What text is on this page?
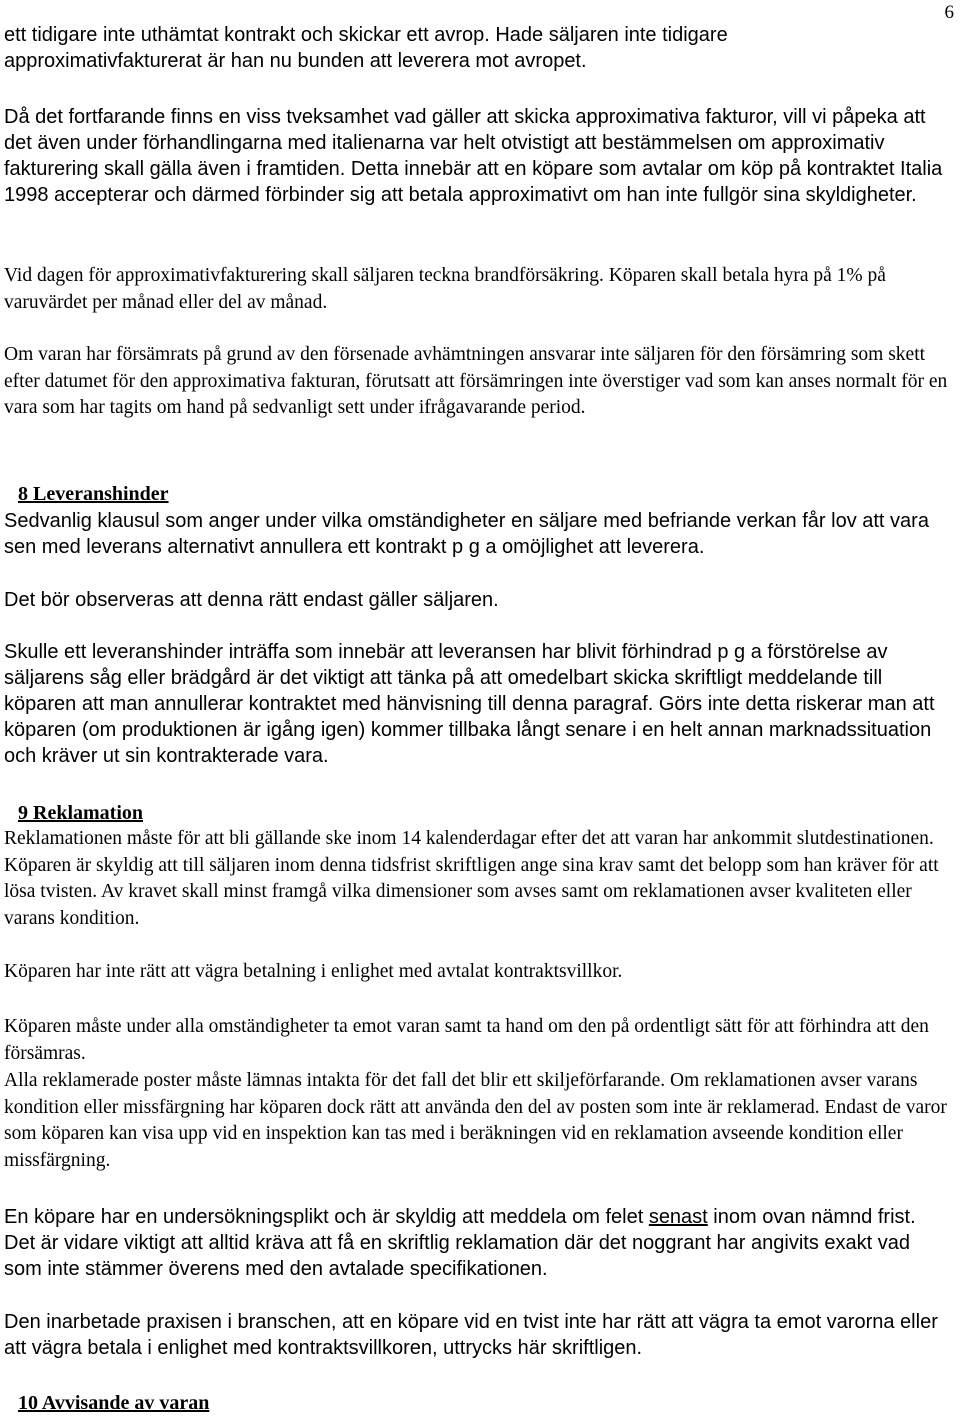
6

ett tidigare inte uthämtat kontrakt och skickar ett avrop. Hade säljaren inte tidigare approximativfakturerat är han nu bunden att leverera mot avropet.

Då det fortfarande finns en viss tveksamhet vad gäller att skicka approximativa fakturor, vill vi påpeka att det även under förhandlingarna med italienarna var helt otvistigt att bestämmelsen om approximativ fakturering skall gälla även i framtiden. Detta innebär att en köpare som avtalar om köp på kontraktet Italia 1998 accepterar och därmed förbinder sig att betala approximativt om han inte fullgör sina skyldigheter.

Vid dagen för approximativfakturering skall säljaren teckna brandförsäkring. Köparen skall betala hyra på 1% på varuvärdet per månad eller del av månad.

Om varan har försämrats på grund av den försenade avhämtningen ansvarar inte säljaren för den försämring som skett efter datumet för den approximativa fakturan, förutsatt att försämringen inte överstiger vad som kan anses normalt för en vara som har tagits om hand på sedvanligt sett under ifrågavarande period.

8 Leveranshinder

Sedvanlig klausul som anger under vilka omständigheter en säljare med befriande verkan får lov att vara sen med leverans alternativt annullera ett kontrakt p g a omöjlighet att leverera.

Det bör observeras att denna rätt endast gäller säljaren.

Skulle ett leveranshinder inträffa som innebär att leveransen har blivit förhindrad p g a förstörelse av säljarens såg eller brädgård är det viktigt att tänka på att omedelbart skicka skriftligt meddelande till köparen att man annullerar kontraktet med hänvisning till denna paragraf. Görs inte detta riskerar man att köparen (om produktionen är igång igen) kommer tillbaka långt senare i en helt annan marknadssituation och kräver ut sin kontrakterade vara.

9 Reklamation

Reklamationen måste för att bli gällande ske inom 14 kalenderdagar efter det att varan har ankommit slutdestinationen. Köparen är skyldig att till säljaren inom denna tidsfrist skriftligen ange sina krav samt det belopp som han kräver för att lösa tvisten. Av kravet skall minst framgå vilka dimensioner som avses samt om reklamationen avser kvaliteten eller varans kondition.

Köparen har inte rätt att vägra betalning i enlighet med avtalat kontraktsvillkor.

Köparen måste under alla omständigheter ta emot varan samt ta hand om den på ordentligt sätt för att förhindra att den försämras.

Alla reklamerade poster måste lämnas intakta för det fall det blir ett skiljeförfarande. Om reklamationen avser varans kondition eller missfärgning har köparen dock rätt att använda den del av posten som inte är reklamerad. Endast de varor som köparen kan visa upp vid en inspektion kan tas med i beräkningen vid en reklamation avseende kondition eller missfärgning.

En köpare har en undersökningsplikt och är skyldig att meddela om felet senast inom ovan nämnd frist. Det är vidare viktigt att alltid kräva att få en skriftlig reklamation där det noggrant har angivits exakt vad som inte stämmer överens med den avtalade specifikationen.

Den inarbetade praxisen i branschen, att en köpare vid en tvist inte har rätt att vägra ta emot varorna eller att vägra betala i enlighet med kontraktsvillkoren, uttrycks här skriftligen.

10 Avvisande av varan
